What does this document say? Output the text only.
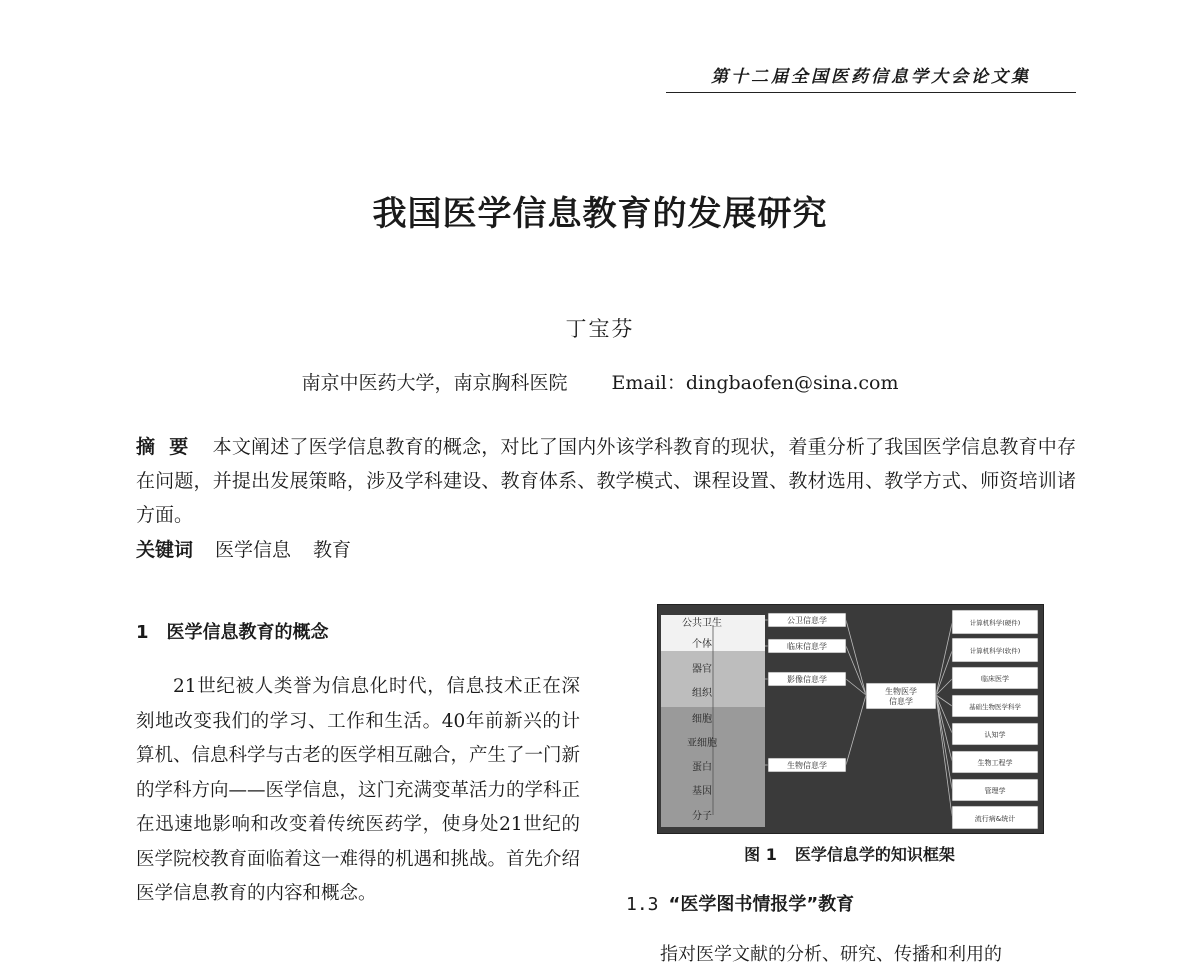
第十二届全国医药信息学大会论文集
我国医学信息教育的发展研究
丁宝芬
南京中医药大学，南京胸科医院 Email：dingbaofen@sina.com
摘要 本文阐述了医学信息教育的概念，对比了国内外该学科教育的现状，着重分析了我国医学信息教育中存在问题，并提出发展策略，涉及学科建设、教育体系、教学模式、课程设置、教材选用、教学方式、师资培训诸方面。
关键词 医学信息 教育
1 医学信息教育的概念
21世纪被人类誉为信息化时代，信息技术正在深刻地改变我们的学习、工作和生活。40年前新兴的计算机、信息科学与古老的医学相互融合，产生了一门新的学科方向——医学信息，这门充满变革活力的学科正在迅速地影响和改变着传统医药学，使身处21世纪的医学院校教育面临着这一难得的机遇和挑战。首先介绍医学信息教育的内容和概念。
公共卫生
个体
器官
组织
细胞
亚细胞
蛋白
基因
分子
公卫信息学
临床信息学
影像信息学
生物信息学
生物医学
信息学
计算机科学(硬件)
计算机科学(软件)
临床医学
基础生物医学科学
认知学
生物工程学
管理学
流行病&统计
图 1 医学信息学的知识框架
1.3 “医学图书情报学”教育
指对医学文献的分析、研究、传播和利用的
